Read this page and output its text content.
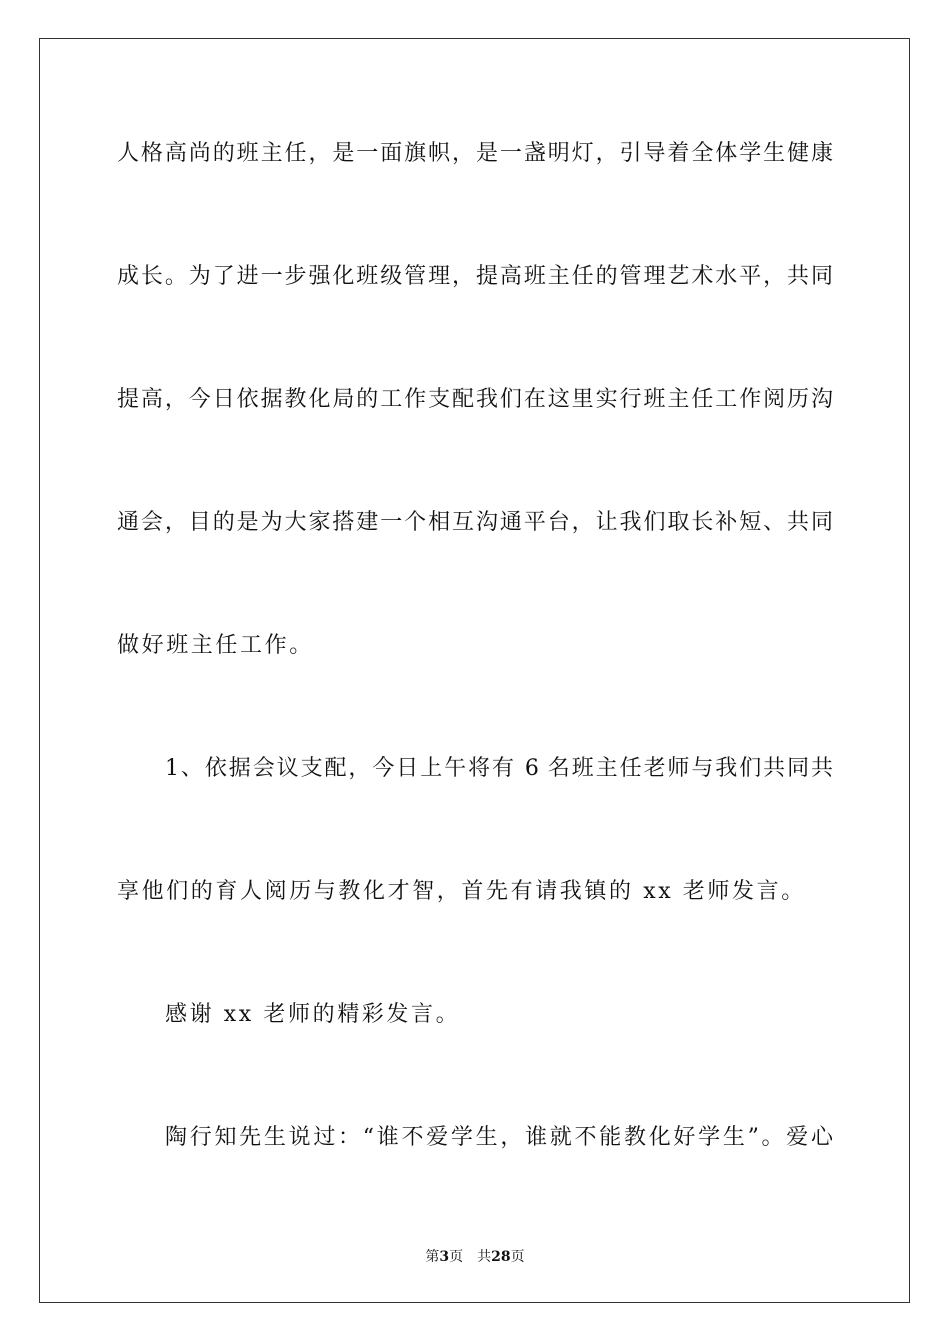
人格高尚的班主任，是一面旗帜，是一盏明灯，引导着全体学生健康
成长。为了进一步强化班级管理，提高班主任的管理艺术水平，共同
提高，今日依据教化局的工作支配我们在这里实行班主任工作阅历沟
通会，目的是为大家搭建一个相互沟通平台，让我们取长补短、共同
做好班主任工作。
1、依据会议支配，今日上午将有 6 名班主任老师与我们共同共
享他们的育人阅历与教化才智，首先有请我镇的 xx 老师发言。
感谢 xx 老师的精彩发言。
陶行知先生说过：“谁不爱学生，谁就不能教化好学生”。爱心
第3页 共28页
